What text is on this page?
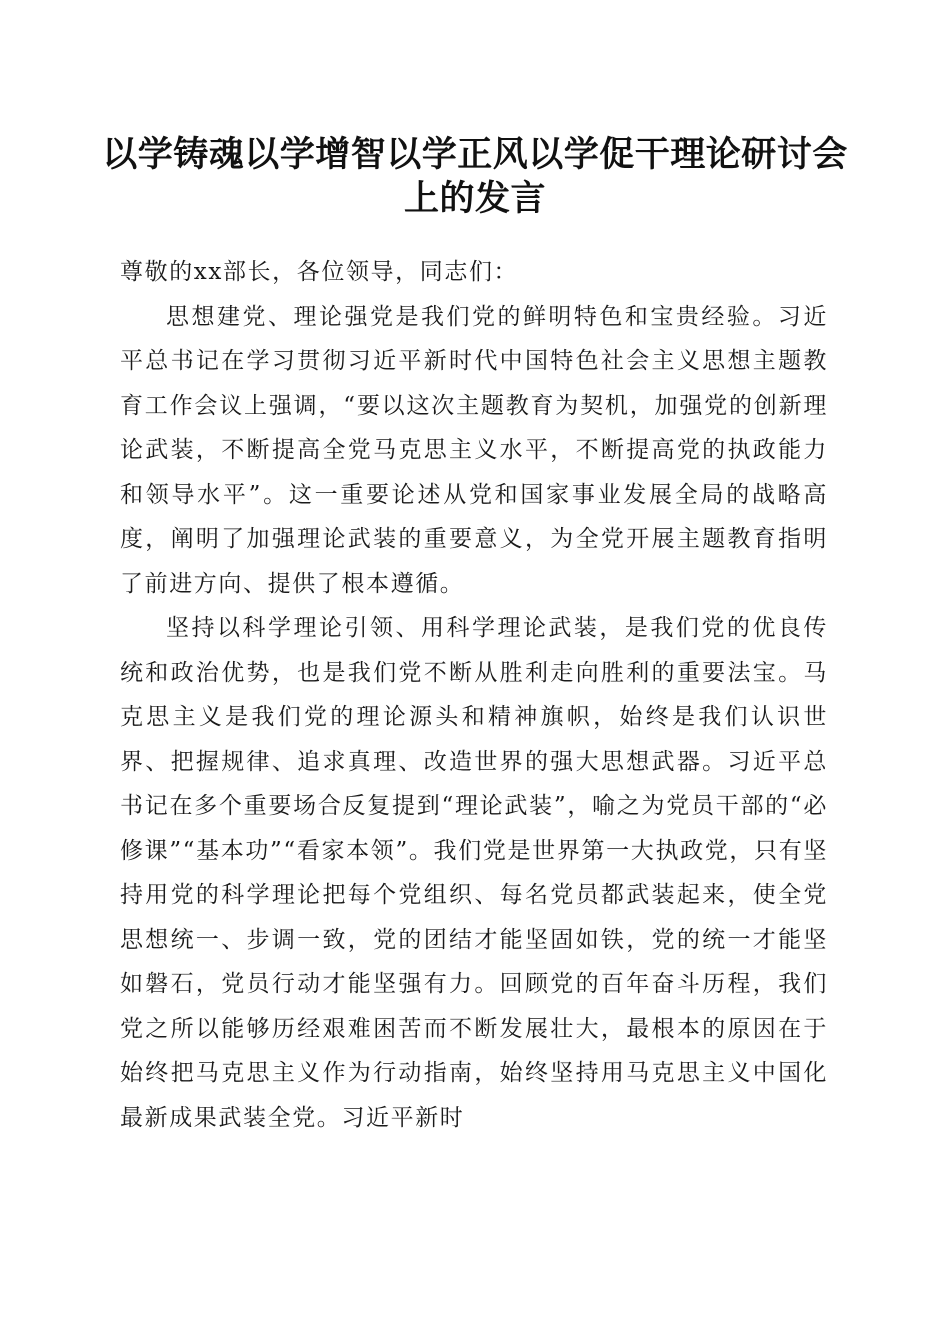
以学铸魂以学增智以学正风以学促干理论研讨会上的发言

尊敬的xx部长，各位领导，同志们：

思想建党、理论强党是我们党的鲜明特色和宝贵经验。习近平总书记在学习贯彻习近平新时代中国特色社会主义思想主题教育工作会议上强调，“要以这次主题教育为契机，加强党的创新理论武装，不断提高全党马克思主义水平，不断提高党的执政能力和领导水平”。这一重要论述从党和国家事业发展全局的战略高度，阐明了加强理论武装的重要意义，为全党开展主题教育指明了前进方向、提供了根本遵循。

坚持以科学理论引领、用科学理论武装，是我们党的优良传统和政治优势，也是我们党不断从胜利走向胜利的重要法宝。马克思主义是我们党的理论源头和精神旗帜，始终是我们认识世界、把握规律、追求真理、改造世界的强大思想武器。习近平总书记在多个重要场合反复提到“理论武装”，喻之为党员干部的“必修课”“基本功”“看家本领”。我们党是世界第一大执政党，只有坚持用党的科学理论把每个党组织、每名党员都武装起来，使全党思想统一、步调一致，党的团结才能坚固如铁，党的统一才能坚如磐石，党员行动才能坚强有力。回顾党的百年奋斗历程，我们党之所以能够历经艰难困苦而不断发展壮大，最根本的原因在于始终把马克思主义作为行动指南，始终坚持用马克思主义中国化最新成果武装全党。习近平新时
